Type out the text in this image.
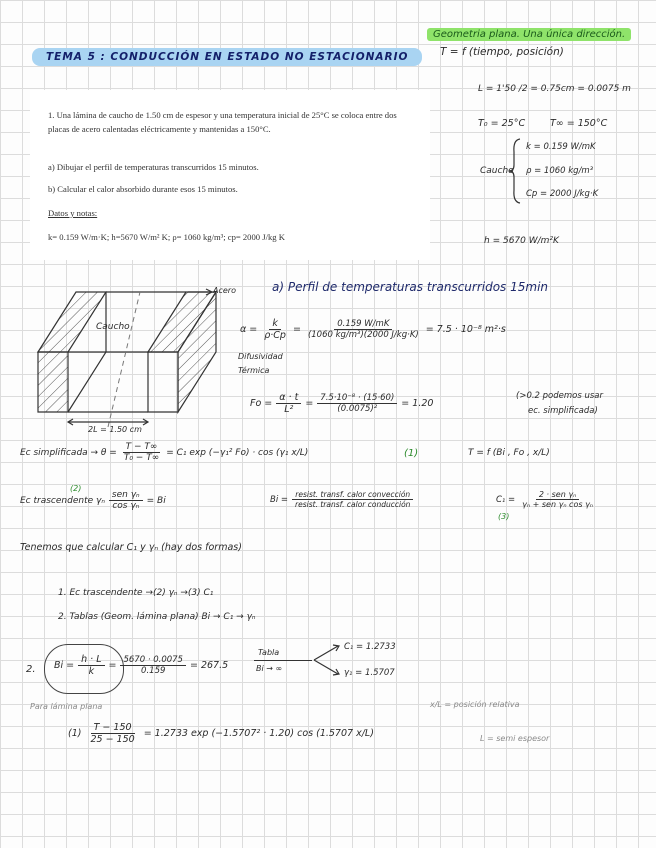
Geometria plana. Una única dirección.
TEMA 5 : CONDUCCIÓN EN ESTADO NO ESTACIONARIO	T = f (tiempo, posición)

1. Una lámina de caucho de 1.50 cm de espesor y una temperatura inicial de 25°C se coloca entre dos placas de acero calentadas eléctricamente y mantenidas a 150°C.

a) Dibujar el perfil de temperaturas transcurridos 15 minutos.

b) Calcular el calor absorbido durante esos 15 minutos.

Datos y notas:

k= 0.159 W/m·K; h=5670 W/m² K; ρ= 1060 kg/m³; cp= 2000 J/kg K

L = 1'50 /2 = 0.75cm = 0.0075 m
T₀ = 25°C	T∞ = 150°C
Caucho
k = 0.159 W/mK
ρ = 1060 kg/m³
Cp = 2000 J/kg·K
h = 5670 W/m²K
Acero
Caucho
2L = 1.50 cm
a) Perfil de temperaturas transcurridos 15min
$\alpha = \frac{k}{\rho\cdot Cp} = \frac{0.159 W/mK}{\text{(1060 kg/m³)(2000 J/kg·K)}} = 7.5 \cdot 10^{-8}$ m²·s
Difusividad
Térmica
$Fo = \frac{\alpha \cdot t}{\text{L²}} = \frac{\text{7.5·10⁻⁸ · (15·60)}}{\text{(0.0075)²}} = 1.20$
(>0.2 podemos usar
ec. simplificada)
Ec simplificada → $\theta = \frac{T - T\infty}{\text{T₀ − T∞}} = C_1$ exp (−γ₁² Fo) · cos (γ₁ x/L)	(1)	T = f (Bi , Fo , x/L)
(2)
Ec trascendente γₙ $\frac{\text{sen γₙ}}{\text{cos γₙ}} = Bi$	$Bi = \frac{\text{resist. transf. calor convección}}{\text{resist. transf. calor conducción}}$	$C_1 = \frac{\text{2 · sen γₙ}}{\text{γₙ + sen γₙ cos γₙ}}$
(3)
Tenemos que calcular C₁ y γₙ (hay dos formas)
1. Ec trascendente →(2) γₙ →(3) C₁
2. Tablas (Geom. lámina plana) Bi → C₁ → γₙ
2. $Bi = \frac{h \cdot L}{k} = \frac{5670 \cdot 0.0075}{0.159} = 267.5$
Tabla
Bi → ∞
C₁ = 1.2733
γ₁ = 1.5707
Para lámina plana	x/L = posición relativa
L = semi espesor
$(1) \frac{T - 150}{25 - 150} = 1.2733$ exp (−1.5707² · 1.20) cos (1.5707 x/L)
